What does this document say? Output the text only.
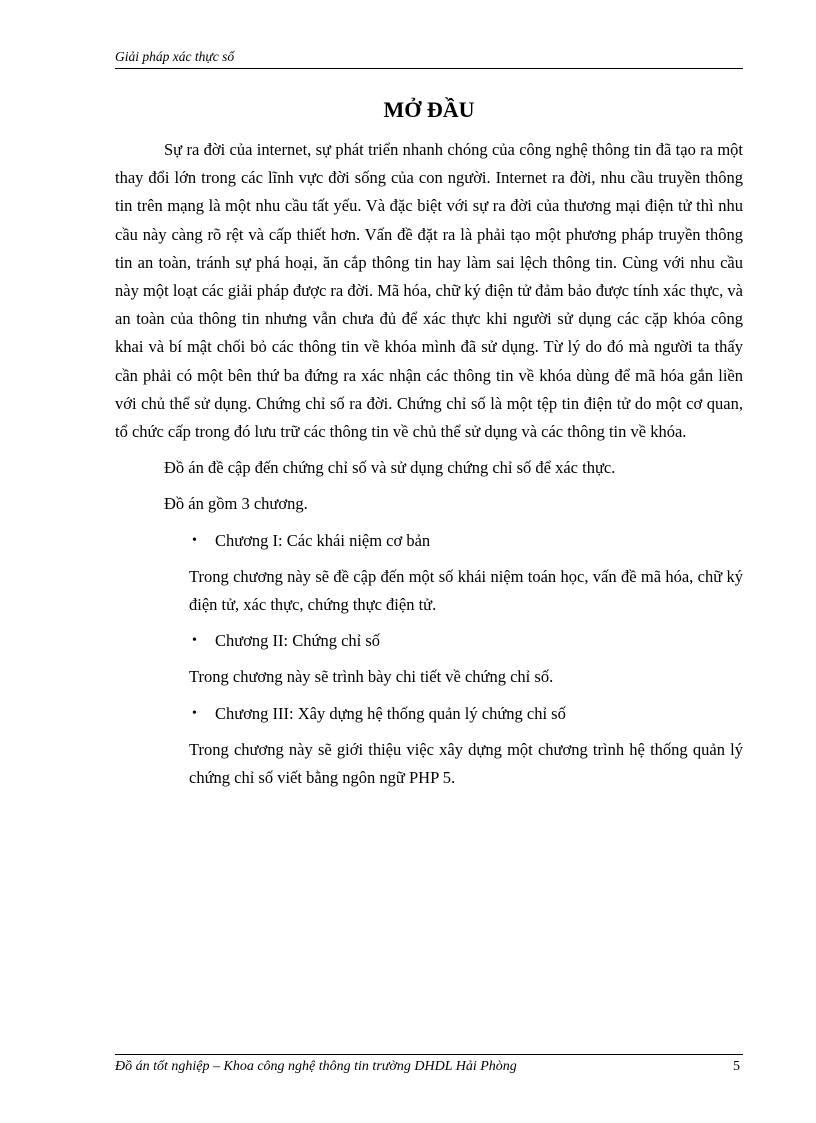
Giải pháp xác thực số
MỞ ĐẦU

Sự ra đời của internet, sự phát triển nhanh chóng của công nghệ thông tin đã tạo ra một thay đổi lớn trong các lĩnh vực đời sống của con người. Internet ra đời, nhu cầu truyền thông tin trên mạng là một nhu cầu tất yếu. Và đặc biệt với sự ra đời của thương mại điện tử thì nhu cầu này càng rõ rệt và cấp thiết hơn. Vấn đề đặt ra là phải tạo một phương pháp truyền thông tin an toàn, tránh sự phá hoại, ăn cắp thông tin hay làm sai lệch thông tin. Cùng với nhu cầu này một loạt các giải pháp được ra đời. Mã hóa, chữ ký điện tử đảm bảo được tính xác thực, và an toàn của thông tin nhưng vẫn chưa đủ để xác thực khi người sử dụng các cặp khóa công khai và bí mật chối bỏ các thông tin về khóa mình đã sử dụng. Từ lý do đó mà người ta thấy cần phải có một bên thứ ba đứng ra xác nhận các thông tin về khóa dùng để mã hóa gắn liền với chủ thể sử dụng. Chứng chỉ số ra đời. Chứng chỉ số là một tệp tin điện tử do một cơ quan, tổ chức cấp trong đó lưu trữ các thông tin về chủ thể sử dụng và các thông tin về khóa.

Đồ án đề cập đến chứng chỉ số và sử dụng chứng chỉ số để xác thực.

Đồ án gồm 3 chương.

• Chương I: Các khái niệm cơ bản

Trong chương này sẽ đề cập đến một số khái niệm toán học, vấn đề mã hóa, chữ ký điện tử, xác thực, chứng thực điện tử.

• Chương II: Chứng chỉ số

Trong chương này sẽ trình bày chi tiết về chứng chỉ số.

• Chương III: Xây dựng hệ thống quản lý chứng chỉ số

Trong chương này sẽ giới thiệu việc xây dựng một chương trình hệ thống quản lý chứng chỉ số viết bằng ngôn ngữ PHP 5.

Đồ án tốt nghiệp – Khoa công nghệ thông tin trường DHDL Hải Phòng	5
